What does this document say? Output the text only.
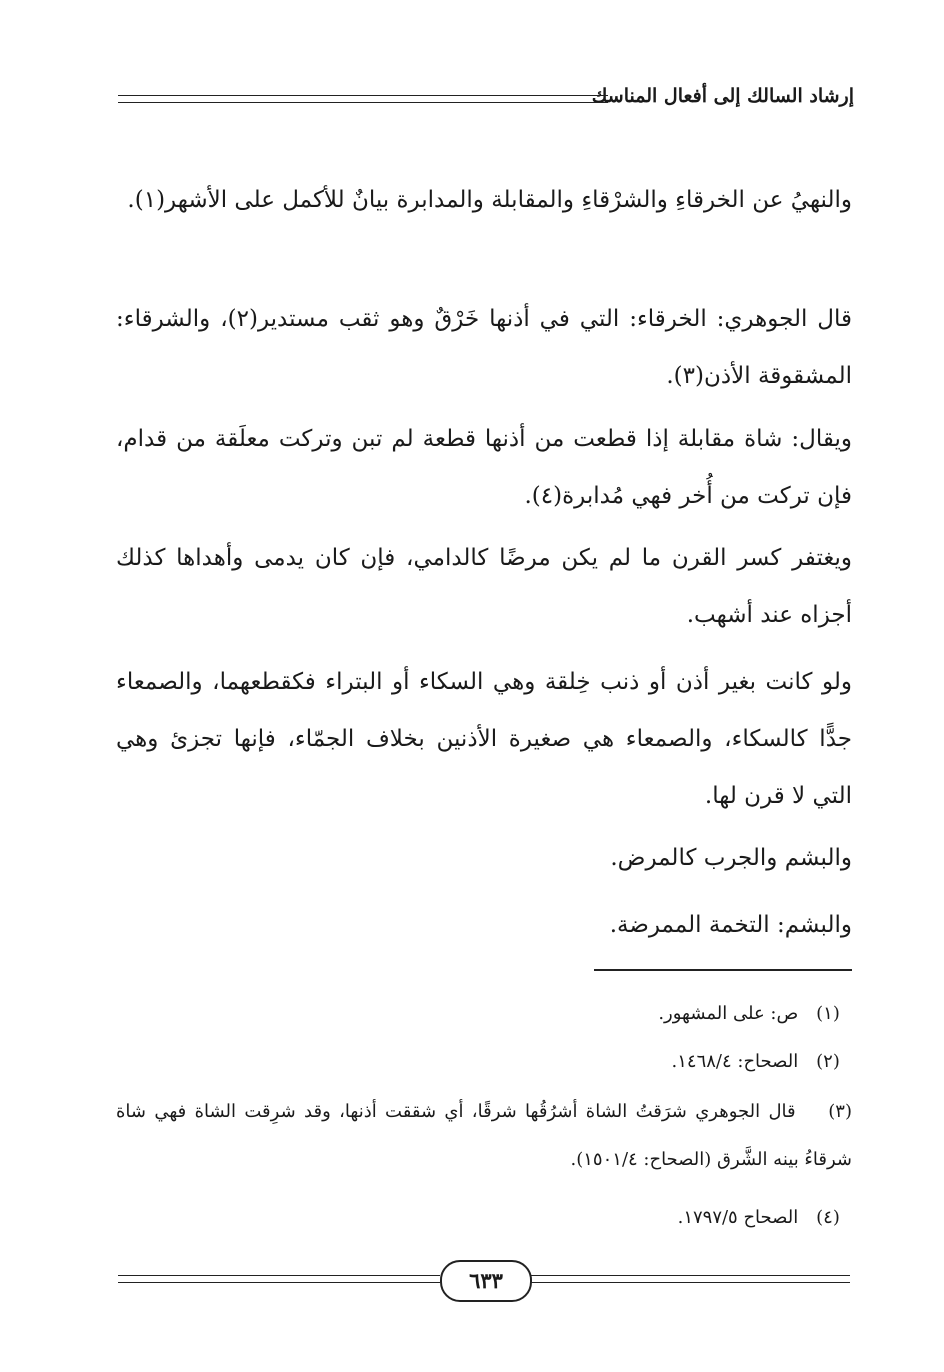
إرشاد السالك إلى أفعال المناسك
والنهيُ عن الخرقاءِ والشرْقاءِ والمقابلة والمدابرة بيانٌ للأكمل على الأشهر(١).
قال الجوهري: الخرقاء: التي في أذنها خَرْقٌ وهو ثقب مستدير(٢)، والشرقاء: المشقوقة الأذن(٣).
ويقال: شاة مقابلة إذا قطعت من أذنها قطعة لم تبن وتركت معلَقة من قدام، فإن تركت من أُخر فهي مُدابرة(٤).
ويغتفر كسر القرن ما لم يكن مرضًا كالدامي، فإن كان يدمى وأهداها كذلك أجزاه عند أشهب.
ولو كانت بغير أذن أو ذنب خِلقة وهي السكاء أو البتراء فكقطعهما، والصمعاء جدًّا كالسكاء، والصمعاء هي صغيرة الأذنين بخلاف الجمّاء، فإنها تجزئ وهي التي لا قرن لها.
والبشم والجرب كالمرض.
والبشم: التخمة الممرضة.
(١) ص: على المشهور.
(٢) الصحاح: ١٤٦٨/٤.
(٣) قال الجوهري شرَقتُ الشاة أشرُقُها شرقًا، أي شققت أذنها، وقد شرِقت الشاة فهي شاة شرقاءُ بينه الشَّرق (الصحاح: ١٥٠١/٤).
(٤) الصحاح ١٧٩٧/٥.
٦٣٣
